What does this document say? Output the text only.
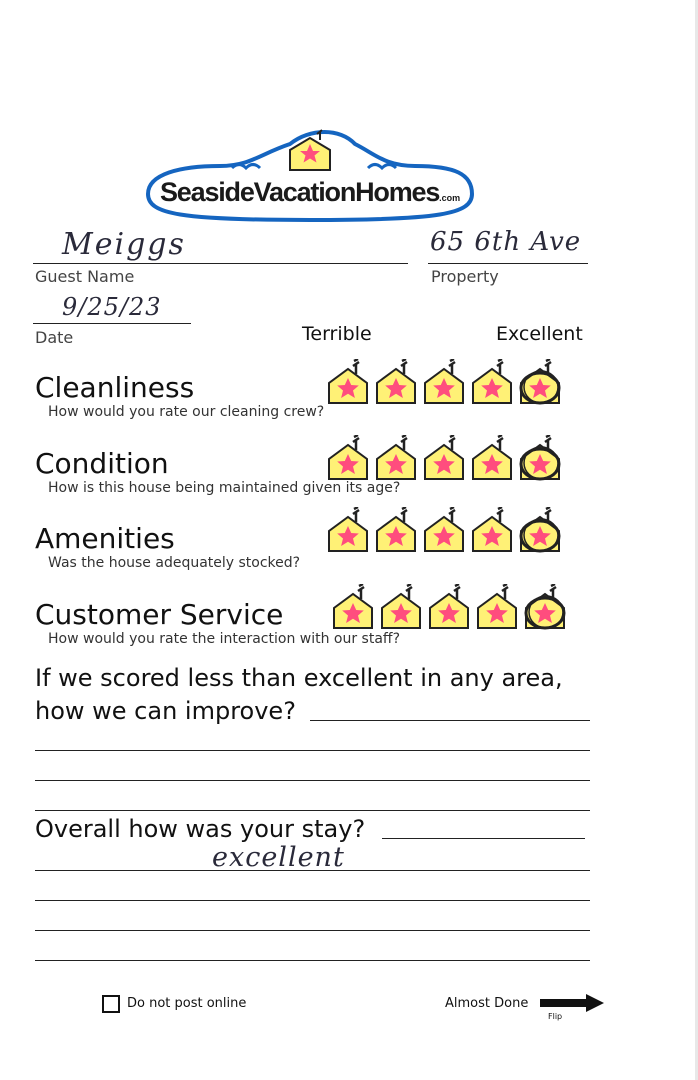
SeasideVacationHomes.com
Meiggs
Guest Name
65 6th Ave
Property
9/25/23
Date	Terrible	Excellent
Cleanliness
How would you rate our cleaning crew?
Condition
How is this house being maintained given its age?
Amenities
Was the house adequately stocked?
Customer Service
How would you rate the interaction with our staff?
If we scored less than excellent in any area,
how we can improve?
Overall how was your stay?
excellent
Do not post online	Almost Done
Flip
